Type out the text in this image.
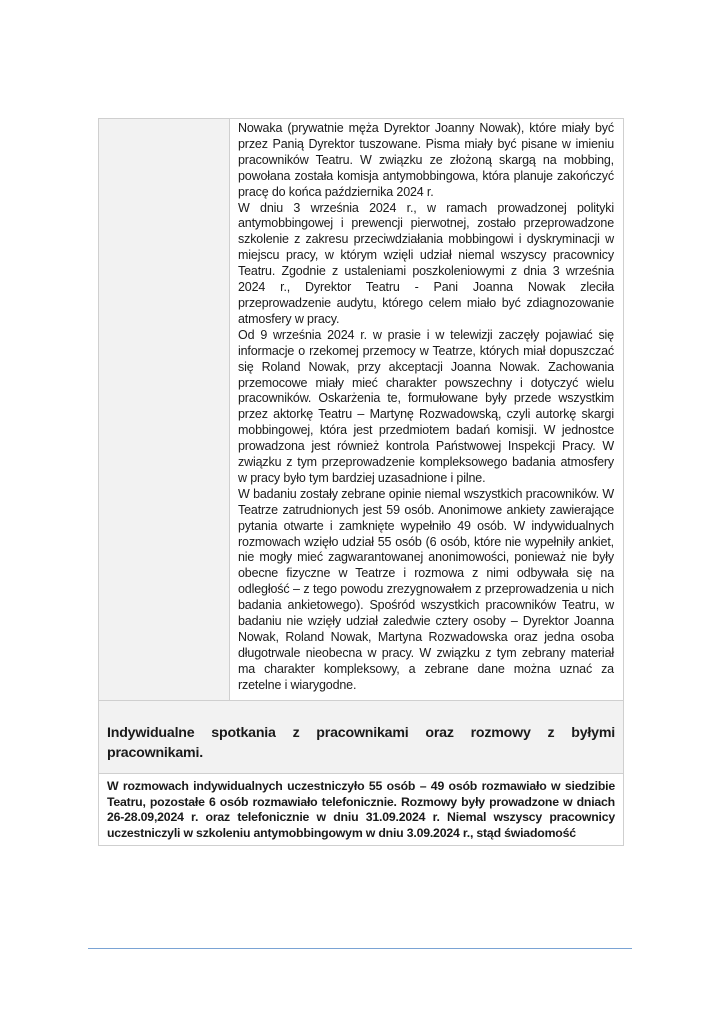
Nowaka (prywatnie męża Dyrektor Joanny Nowak), które miały być przez Panią Dyrektor tuszowane. Pisma miały być pisane w imieniu pracowników Teatru. W związku ze złożoną skargą na mobbing, powołana została komisja antymobbingowa, która planuje zakończyć pracę do końca października 2024 r.

W dniu 3 września 2024 r., w ramach prowadzonej polityki antymobbingowej i prewencji pierwotnej, zostało przeprowadzone szkolenie z zakresu przeciwdziałania mobbingowi i dyskryminacji w miejscu pracy, w którym wzięli udział niemal wszyscy pracownicy Teatru. Zgodnie z ustaleniami poszkoleniowymi z dnia 3 września 2024 r., Dyrektor Teatru - Pani Joanna Nowak zleciła przeprowadzenie audytu, którego celem miało być zdiagnozowanie atmosfery w pracy.

Od 9 września 2024 r. w prasie i w telewizji zaczęły pojawiać się informacje o rzekomej przemocy w Teatrze, których miał dopuszczać się Roland Nowak, przy akceptacji Joanna Nowak. Zachowania przemocowe miały mieć charakter powszechny i dotyczyć wielu pracowników. Oskarżenia te, formułowane były przede wszystkim przez aktorkę Teatru – Martynę Rozwadowską, czyli autorkę skargi mobbingowej, która jest przedmiotem badań komisji. W jednostce prowadzona jest również kontrola Państwowej Inspekcji Pracy. W związku z tym przeprowadzenie kompleksowego badania atmosfery w pracy było tym bardziej uzasadnione i pilne.

W badaniu zostały zebrane opinie niemal wszystkich pracowników. W Teatrze zatrudnionych jest 59 osób. Anonimowe ankiety zawierające pytania otwarte i zamknięte wypełniło 49 osób. W indywidualnych rozmowach wzięło udział 55 osób (6 osób, które nie wypełniły ankiet, nie mogły mieć zagwarantowanej anonimowości, ponieważ nie były obecne fizyczne w Teatrze i rozmowa z nimi odbywała się na odległość – z tego powodu zrezygnowałem z przeprowadzenia u nich badania ankietowego). Spośród wszystkich pracowników Teatru, w badaniu nie wzięły udział zaledwie cztery osoby – Dyrektor Joanna Nowak, Roland Nowak, Martyna Rozwadowska oraz jedna osoba długotrwale nieobecna w pracy. W związku z tym zebrany materiał ma charakter kompleksowy, a zebrane dane można uznać za rzetelne i wiarygodne.

Indywidualne spotkania z pracownikami oraz rozmowy z byłymi pracownikami.

W rozmowach indywidualnych uczestniczyło 55 osób – 49 osób rozmawiało w siedzibie Teatru, pozostałe 6 osób rozmawiało telefonicznie. Rozmowy były prowadzone w dniach 26-28.09,2024 r. oraz telefonicznie w dniu 31.09.2024 r. Niemal wszyscy pracownicy uczestniczyli w szkoleniu antymobbingowym w dniu 3.09.2024 r., stąd świadomość
